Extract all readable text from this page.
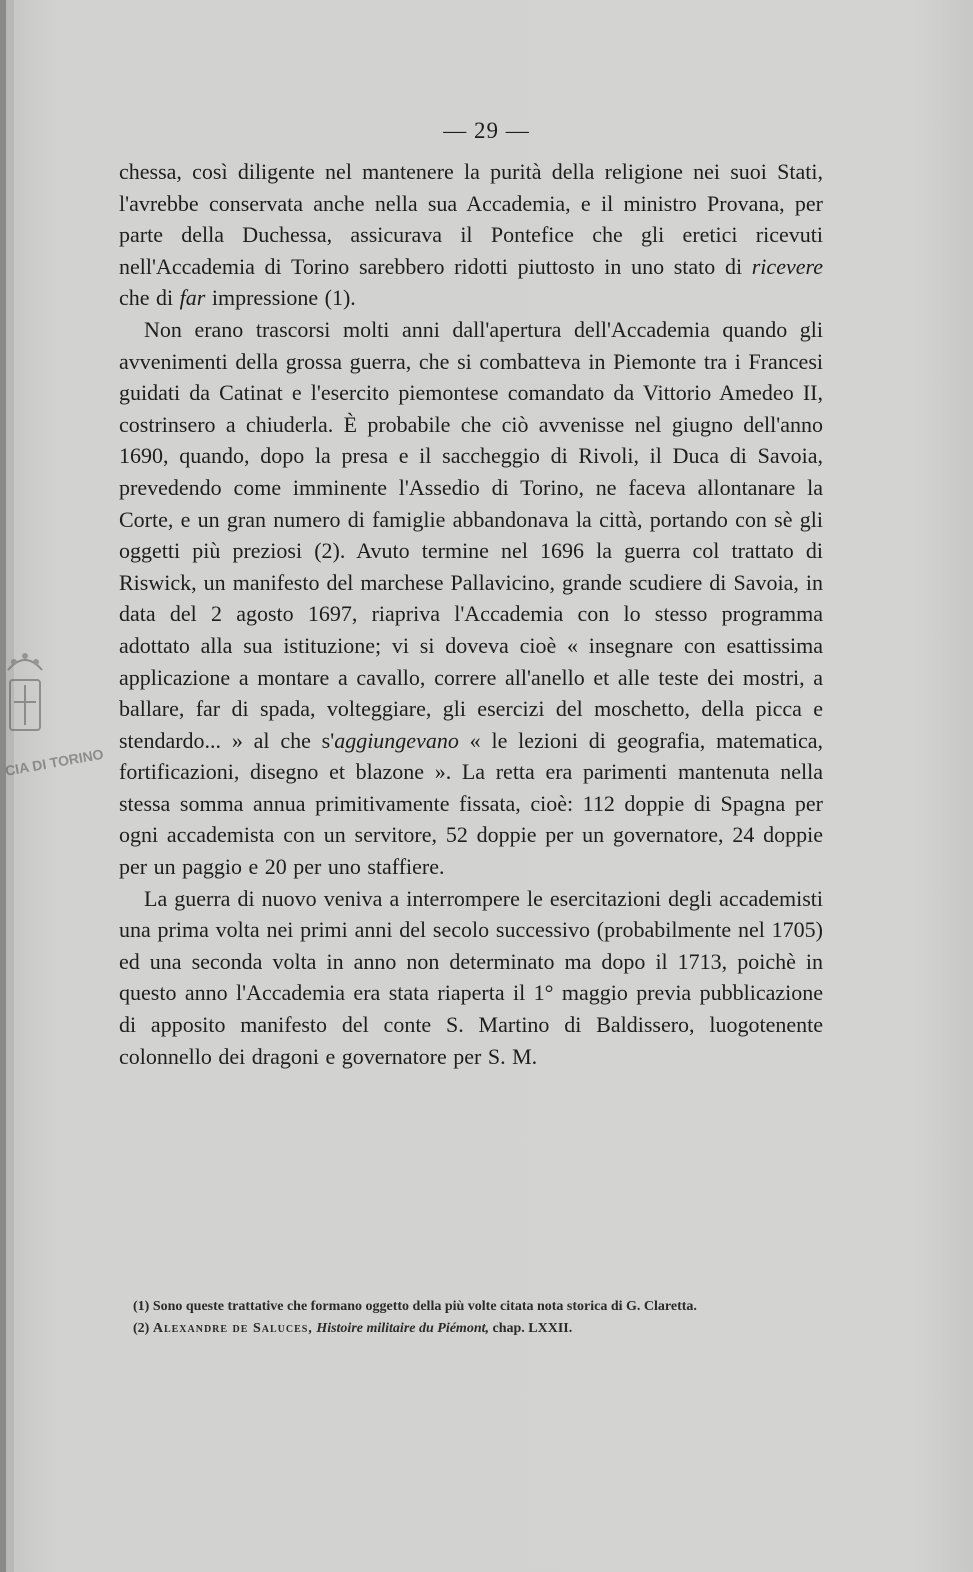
CIA DI TORINO
— 29 —

chessa, così diligente nel mantenere la purità della religione nei suoi Stati, l'avrebbe conservata anche nella sua Accademia, e il ministro Provana, per parte della Duchessa, assicurava il Pontefice che gli eretici ricevuti nell'Accademia di Torino sarebbero ridotti piuttosto in uno stato di ricevere che di far impressione (1).

Non erano trascorsi molti anni dall'apertura dell'Accademia quando gli avvenimenti della grossa guerra, che si combatteva in Piemonte tra i Francesi guidati da Catinat e l'esercito piemontese comandato da Vittorio Amedeo II, costrinsero a chiuderla. È probabile che ciò avvenisse nel giugno dell'anno 1690, quando, dopo la presa e il saccheggio di Rivoli, il Duca di Savoia, prevedendo come imminente l'Assedio di Torino, ne faceva allontanare la Corte, e un gran numero di famiglie abbandonava la città, portando con sè gli oggetti più preziosi (2). Avuto termine nel 1696 la guerra col trattato di Riswick, un manifesto del marchese Pallavicino, grande scudiere di Savoia, in data del 2 agosto 1697, riapriva l'Accademia con lo stesso programma adottato alla sua istituzione; vi si doveva cioè « insegnare con esattissima applicazione a montare a cavallo, correre all'anello et alle teste dei mostri, a ballare, far di spada, volteggiare, gli esercizi del moschetto, della picca e stendardo... » al che s'aggiungevano « le lezioni di geografia, matematica, fortificazioni, disegno et blazone ». La retta era parimenti mantenuta nella stessa somma annua primitivamente fissata, cioè: 112 doppie di Spagna per ogni accademista con un servitore, 52 doppie per un governatore, 24 doppie per un paggio e 20 per uno staffiere.

La guerra di nuovo veniva a interrompere le esercitazioni degli accademisti una prima volta nei primi anni del secolo successivo (probabilmente nel 1705) ed una seconda volta in anno non determinato ma dopo il 1713, poichè in questo anno l'Accademia era stata riaperta il 1° maggio previa pubblicazione di apposito manifesto del conte S. Martino di Baldissero, luogotenente colonnello dei dragoni e governatore per S. M.

(1) Sono queste trattative che formano oggetto della più volte citata nota storica di G. Claretta.

(2) Alexandre de Saluces, Histoire militaire du Piémont, chap. LXXII.
